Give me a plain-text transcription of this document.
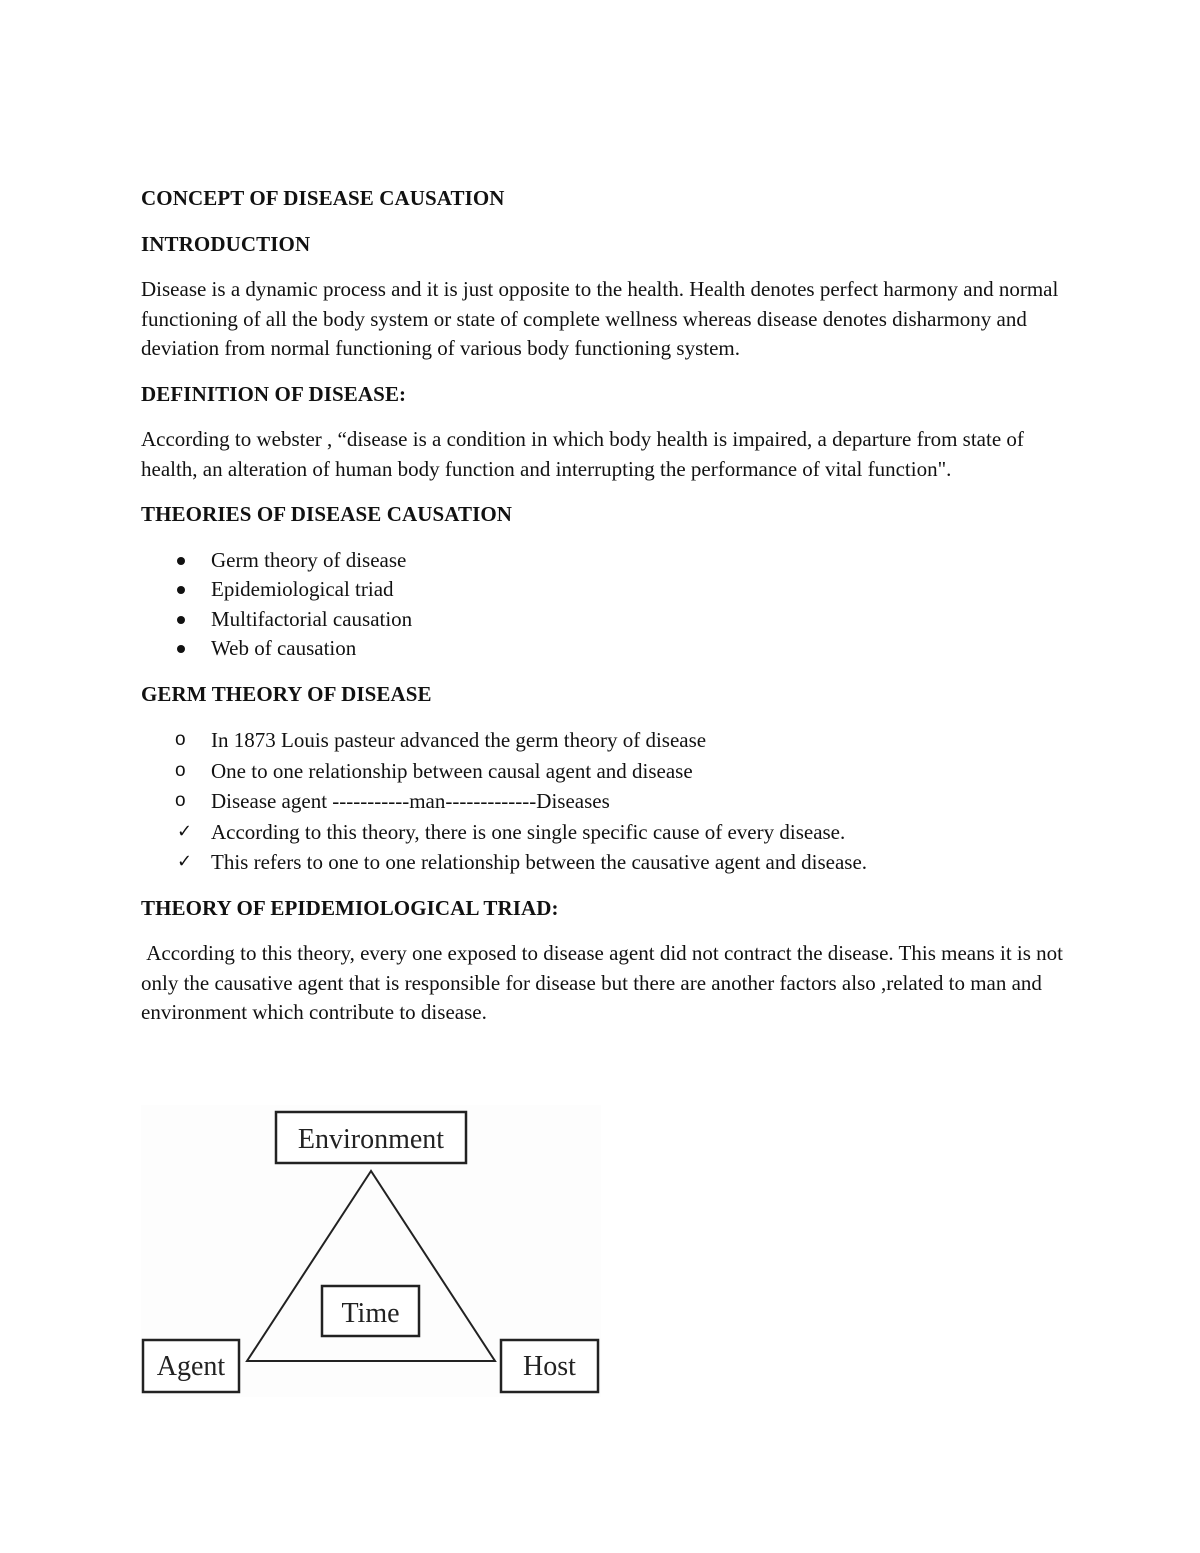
CONCEPT OF DISEASE CAUSATION
INTRODUCTION
Disease is a dynamic process and it is just opposite to the health. Health denotes perfect harmony and normal functioning of all the body system or state of complete wellness whereas disease denotes disharmony and deviation from normal functioning of various body functioning system.
DEFINITION OF DISEASE:
According to webster , “disease is a condition in which body health is impaired, a departure from state of health, an alteration of human body function and interrupting the performance of vital function".
THEORIES OF DISEASE CAUSATION
Germ theory of disease
Epidemiological triad
Multifactorial causation
Web of causation
GERM THEORY OF DISEASE
o	In 1873 Louis pasteur advanced the germ theory of disease
o	One to one relationship between causal agent and disease
o	Disease agent -----------man-------------Diseases
✓ According to this theory, there is one single specific cause of every disease.
✓ This refers to one to one relationship between the causative agent and disease.
THEORY OF EPIDEMIOLOGICAL TRIAD:
According to this theory, every one exposed to disease agent did not contract the disease. This means it is not only the causative agent that is responsible for disease but there are another factors also ,related to man and environment which contribute to disease.
Environment
Time
Agent	Host
